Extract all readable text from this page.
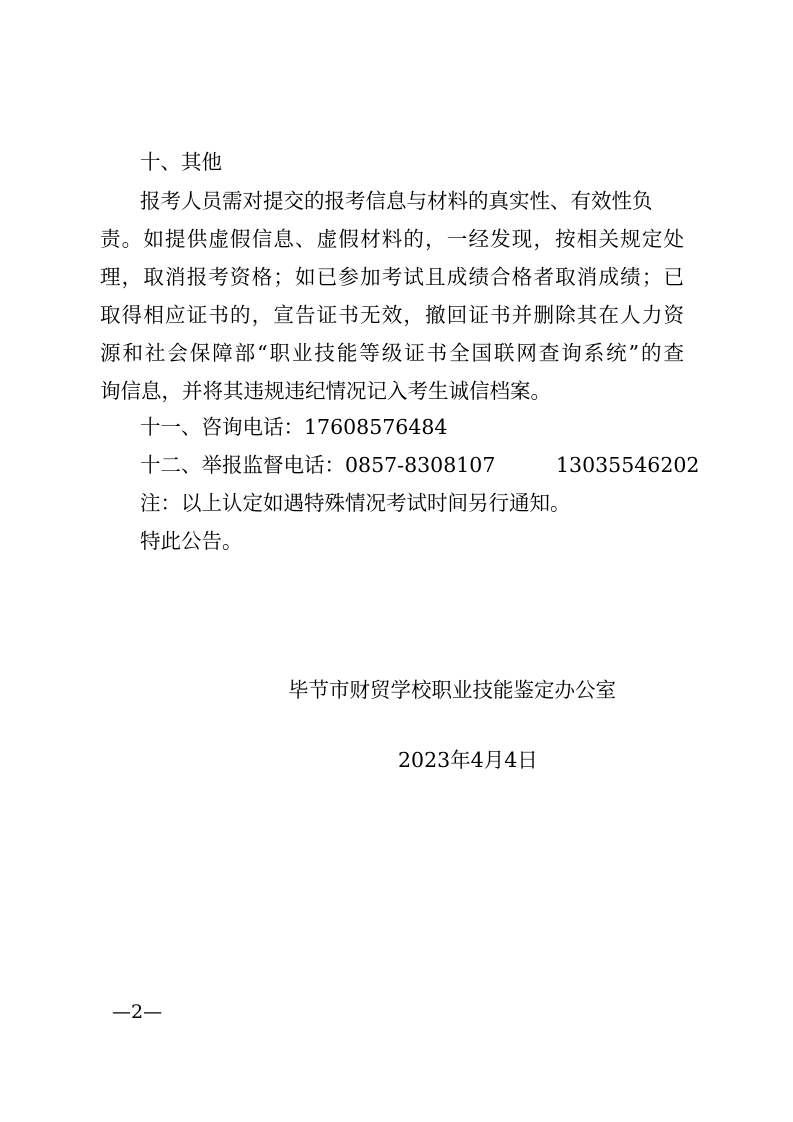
十、其他
报考人员需对提交的报考信息与材料的真实性、有效性负
责。如提供虚假信息、虚假材料的，一经发现，按相关规定处
理，取消报考资格；如已参加考试且成绩合格者取消成绩；已
取得相应证书的，宣告证书无效，撤回证书并删除其在人力资
源和社会保障部“职业技能等级证书全国联网查询系统”的查
询信息，并将其违规违纪情况记入考生诚信档案。
十一、咨询电话：17608576484
十二、举报监督电话：0857-8308107	13035546202
注：以上认定如遇特殊情况考试时间另行通知。
特此公告。
毕节市财贸学校职业技能鉴定办公室
2023年4月4日
—2—
